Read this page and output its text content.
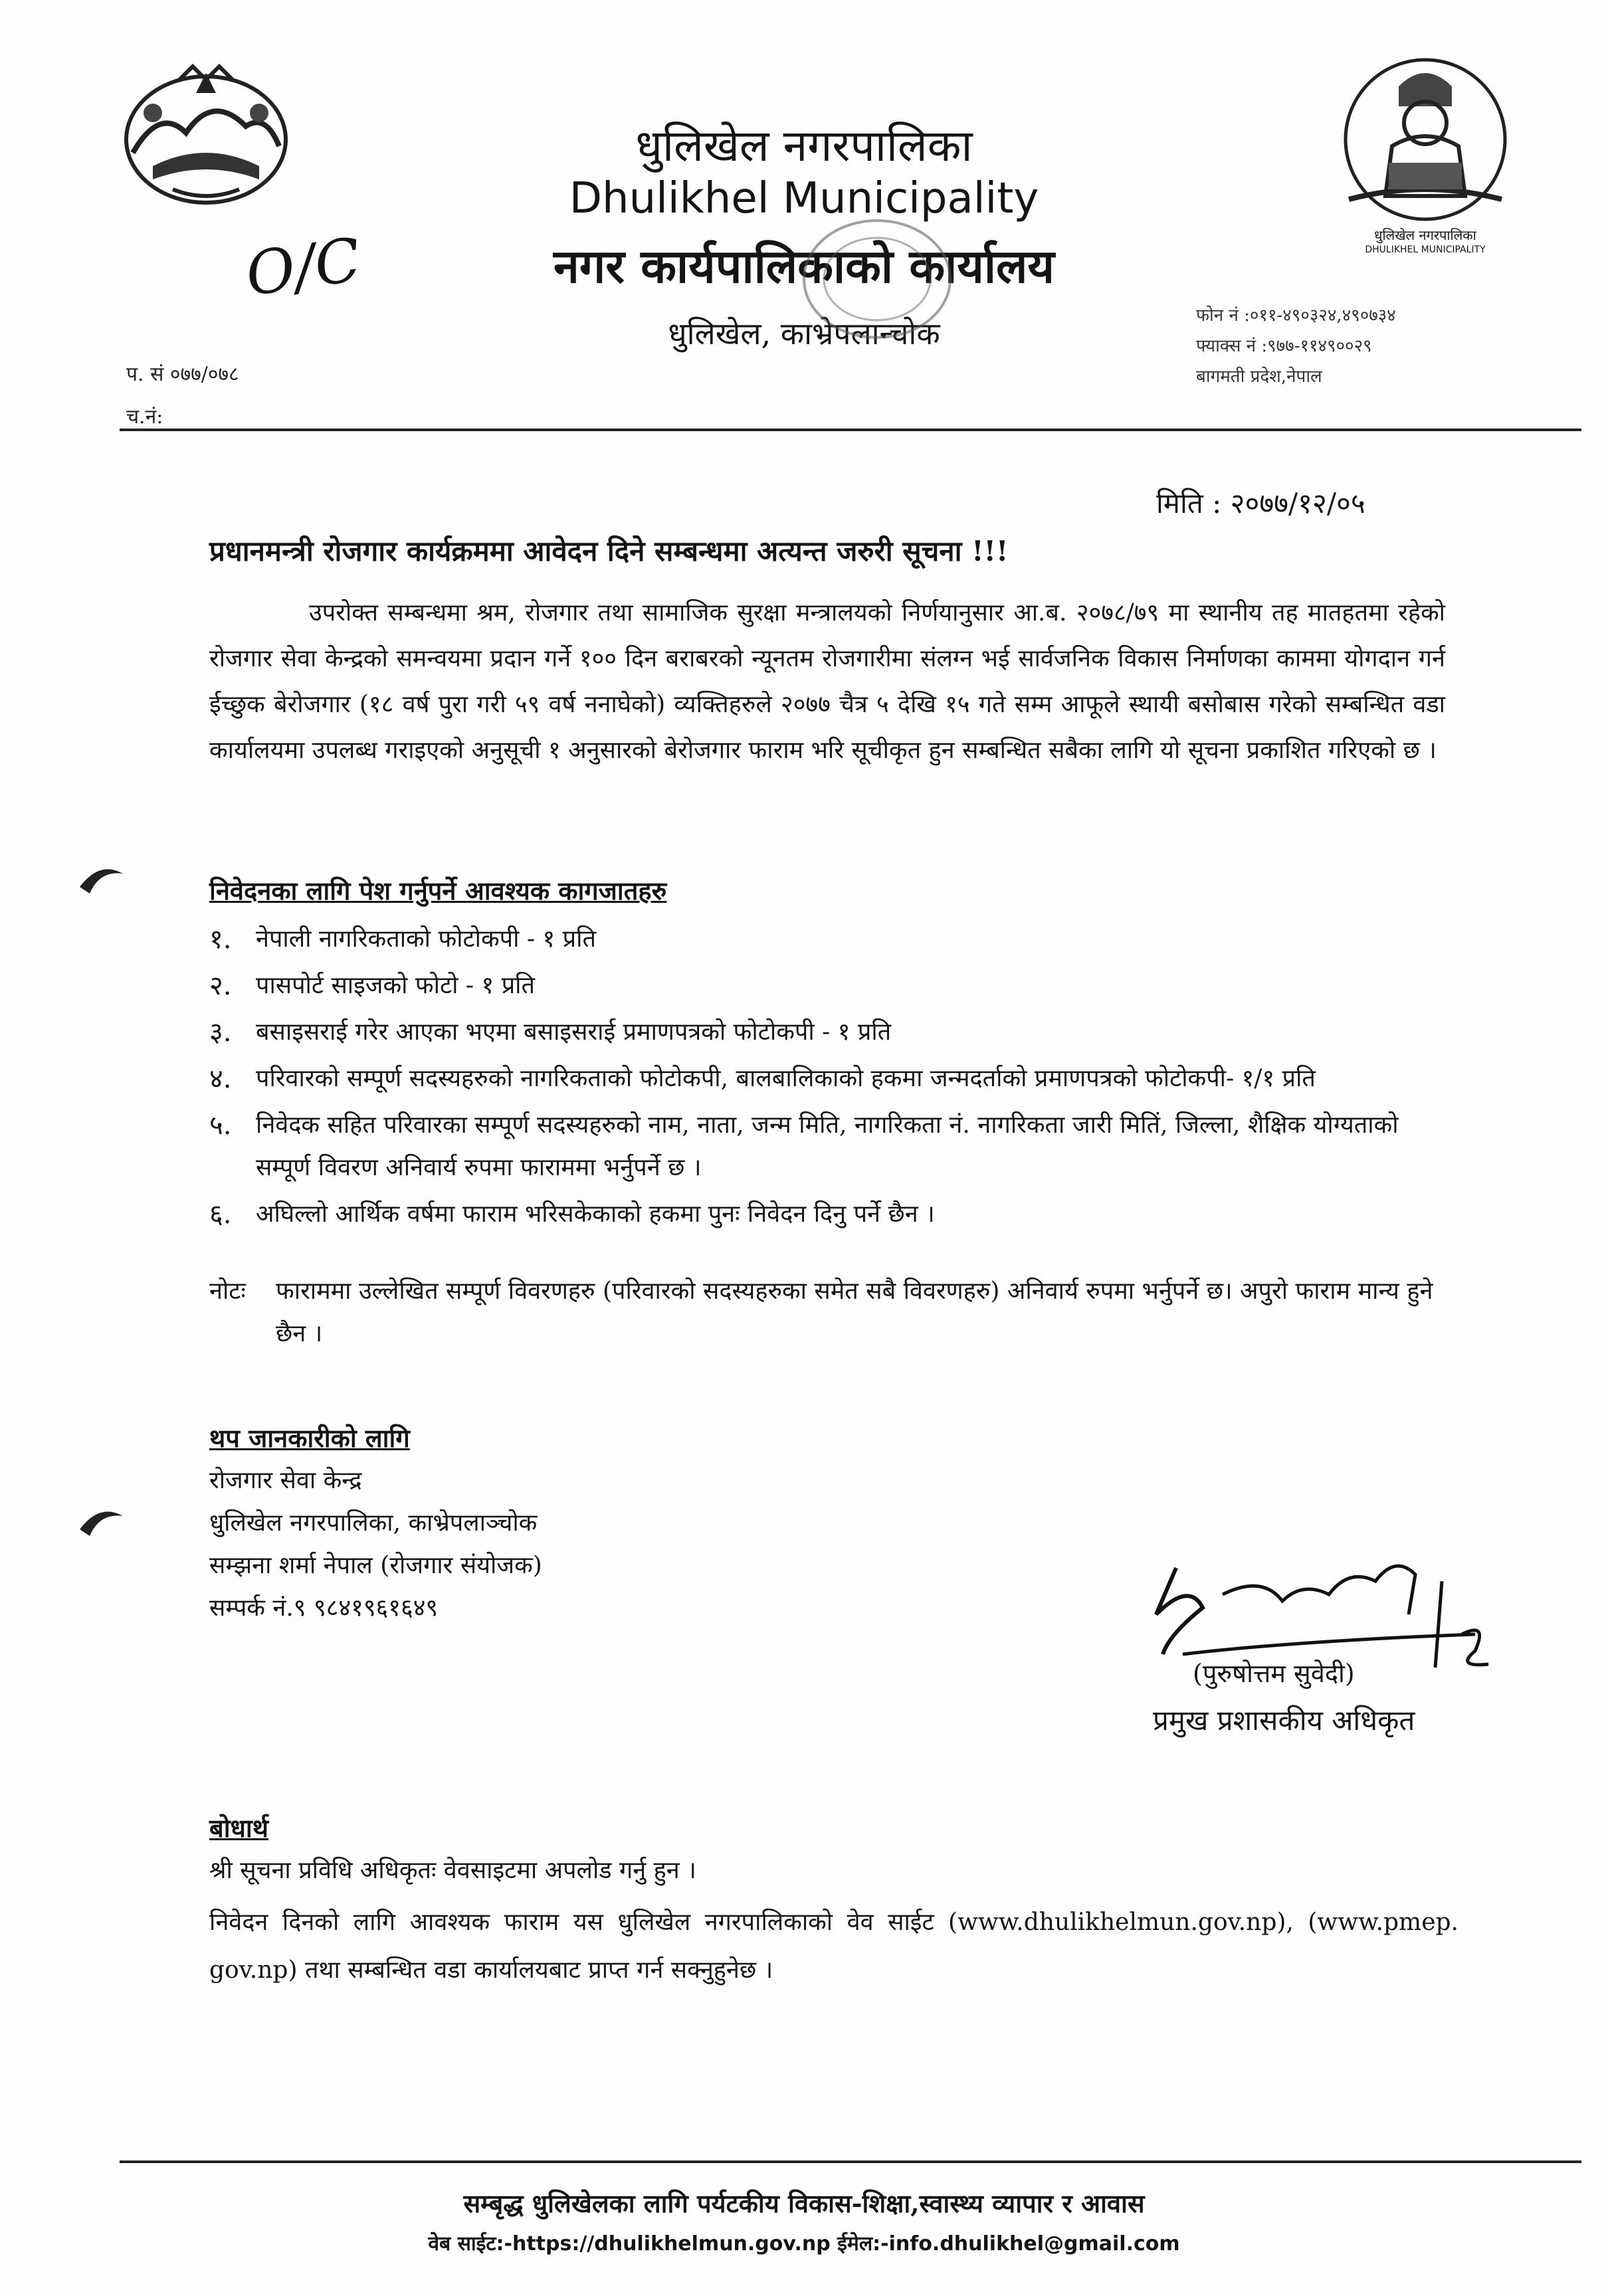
O/C
धुलिखेल नगरपालिका
Dhulikhel Municipality
नगर कार्यपालिकाको कार्यालय
धुलिखेल, काभ्रेपलान्चोक
धुलिखेल नगरपालिका
DHULIKHEL MUNICIPALITY
फोन नं :०११-४९०३२४,४९०७३४
फ्याक्स नं :९७७-११४९००२९
बागमती प्रदेश,नेपाल
प. सं ०७७/०७८
च.नं:
मिति : २०७७/१२/०५
प्रधानमन्त्री रोजगार कार्यक्रममा आवेदन दिने सम्बन्धमा अत्यन्त जरुरी सूचना !!!
उपरोक्त सम्बन्धमा श्रम, रोजगार तथा सामाजिक सुरक्षा मन्त्रालयको निर्णयानुसार आ.ब. २०७८/७९ मा स्थानीय तह मातहतमा रहेको रोजगार सेवा केन्द्रको समन्वयमा प्रदान गर्ने १०० दिन बराबरको न्यूनतम रोजगारीमा संलग्न भई सार्वजनिक विकास निर्माणका काममा योगदान गर्न ईच्छुक बेरोजगार (१८ वर्ष पुरा गरी ५९ वर्ष ननाघेको) व्यक्तिहरुले २०७७ चैत्र ५ देखि १५ गते सम्म आफूले स्थायी बसोबास गरेको सम्बन्धित वडा कार्यालयमा उपलब्ध गराइएको अनुसूची १ अनुसारको बेरोजगार फाराम भरि सूचीकृत हुन सम्बन्धित सबैका लागि यो सूचना प्रकाशित गरिएको छ ।
निवेदनका लागि पेश गर्नुपर्ने आवश्यक कागजातहरु
१.	नेपाली नागरिकताको फोटोकपी - १ प्रति
२.	पासपोर्ट साइजको फोटो - १ प्रति
३.	बसाइसराई गरेर आएका भएमा बसाइसराई प्रमाणपत्रको फोटोकपी - १ प्रति
४.	परिवारको सम्पूर्ण सदस्यहरुको नागरिकताको फोटोकपी, बालबालिकाको हकमा जन्मदर्ताको प्रमाणपत्रको फोटोकपी- १/१ प्रति
५.	निवेदक सहित परिवारका सम्पूर्ण सदस्यहरुको नाम, नाता, जन्म मिति, नागरिकता नं. नागरिकता जारी मितिं, जिल्ला, शैक्षिक योग्यताको सम्पूर्ण विवरण अनिवार्य रुपमा फाराममा भर्नुपर्ने छ ।
६.	अघिल्लो आर्थिक वर्षमा फाराम भरिसकेकाको हकमा पुनः निवेदन दिनु पर्ने छैन ।
नोटः	फाराममा उल्लेखित सम्पूर्ण विवरणहरु (परिवारको सदस्यहरुका समेत सबै विवरणहरु) अनिवार्य रुपमा भर्नुपर्ने छ। अपुरो फाराम मान्य हुने छैन ।
थप जानकारीको लागि
रोजगार सेवा केन्द्र
धुलिखेल नगरपालिका, काभ्रेपलाञ्चोक
सम्झना शर्मा नेपाल (रोजगार संयोजक)
सम्पर्क नं.९ ९८४१९६१६४९
(पुरुषोत्तम सुवेदी)
प्रमुख प्रशासकीय अधिकृत
बोधार्थ
श्री सूचना प्रविधि अधिकृतः वेवसाइटमा अपलोड गर्नु हुन ।
निवेदन दिनको लागि आवश्यक फाराम यस धुलिखेल नगरपालिकाको वेव साईट (www.dhulikhelmun.gov.np), (www.pmep. gov.np) तथा सम्बन्धित वडा कार्यालयबाट प्राप्त गर्न सक्नुहुनेछ ।
सम्बृद्ध धुलिखेलका लागि पर्यटकीय विकास-शिक्षा,स्वास्थ्य व्यापार र आवास
वेब साईट:-https://dhulikhelmun.gov.np ईमेल:-info.dhulikhel@gmail.com
